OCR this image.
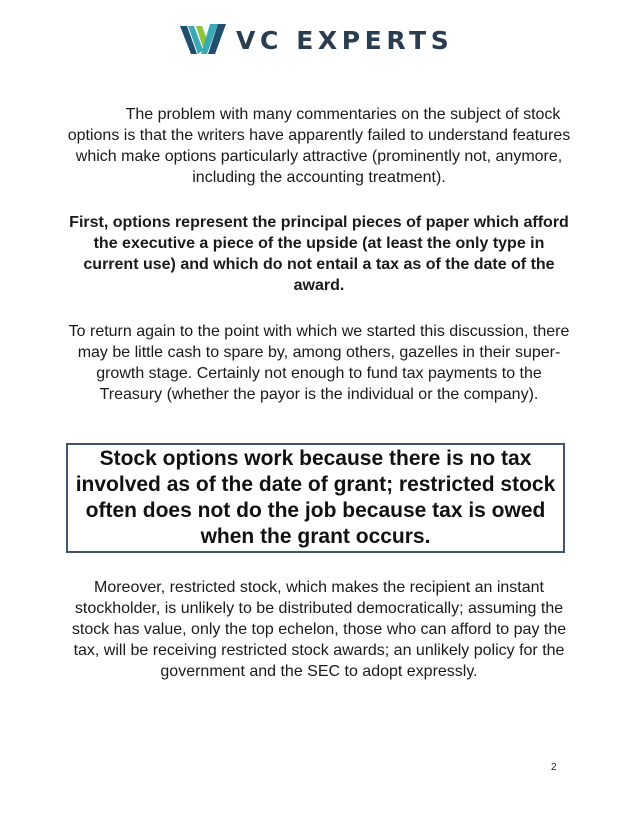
VC EXPERTS

The problem with many commentaries on the subject of stock options is that the writers have apparently failed to understand features which make options particularly attractive (prominently not, anymore, including the accounting treatment).

First, options represent the principal pieces of paper which afford the executive a piece of the upside (at least the only type in current use) and which do not entail a tax as of the date of the award.

To return again to the point with which we started this discussion, there may be little cash to spare by, among others, gazelles in their super-growth stage. Certainly not enough to fund tax payments to the Treasury (whether the payor is the individual or the company).

Stock options work because there is no tax involved as of the date of grant; restricted stock often does not do the job because tax is owed when the grant occurs.

Moreover, restricted stock, which makes the recipient an instant stockholder, is unlikely to be distributed democratically; assuming the stock has value, only the top echelon, those who can afford to pay the tax, will be receiving restricted stock awards; an unlikely policy for the government and the SEC to adopt expressly.

2
